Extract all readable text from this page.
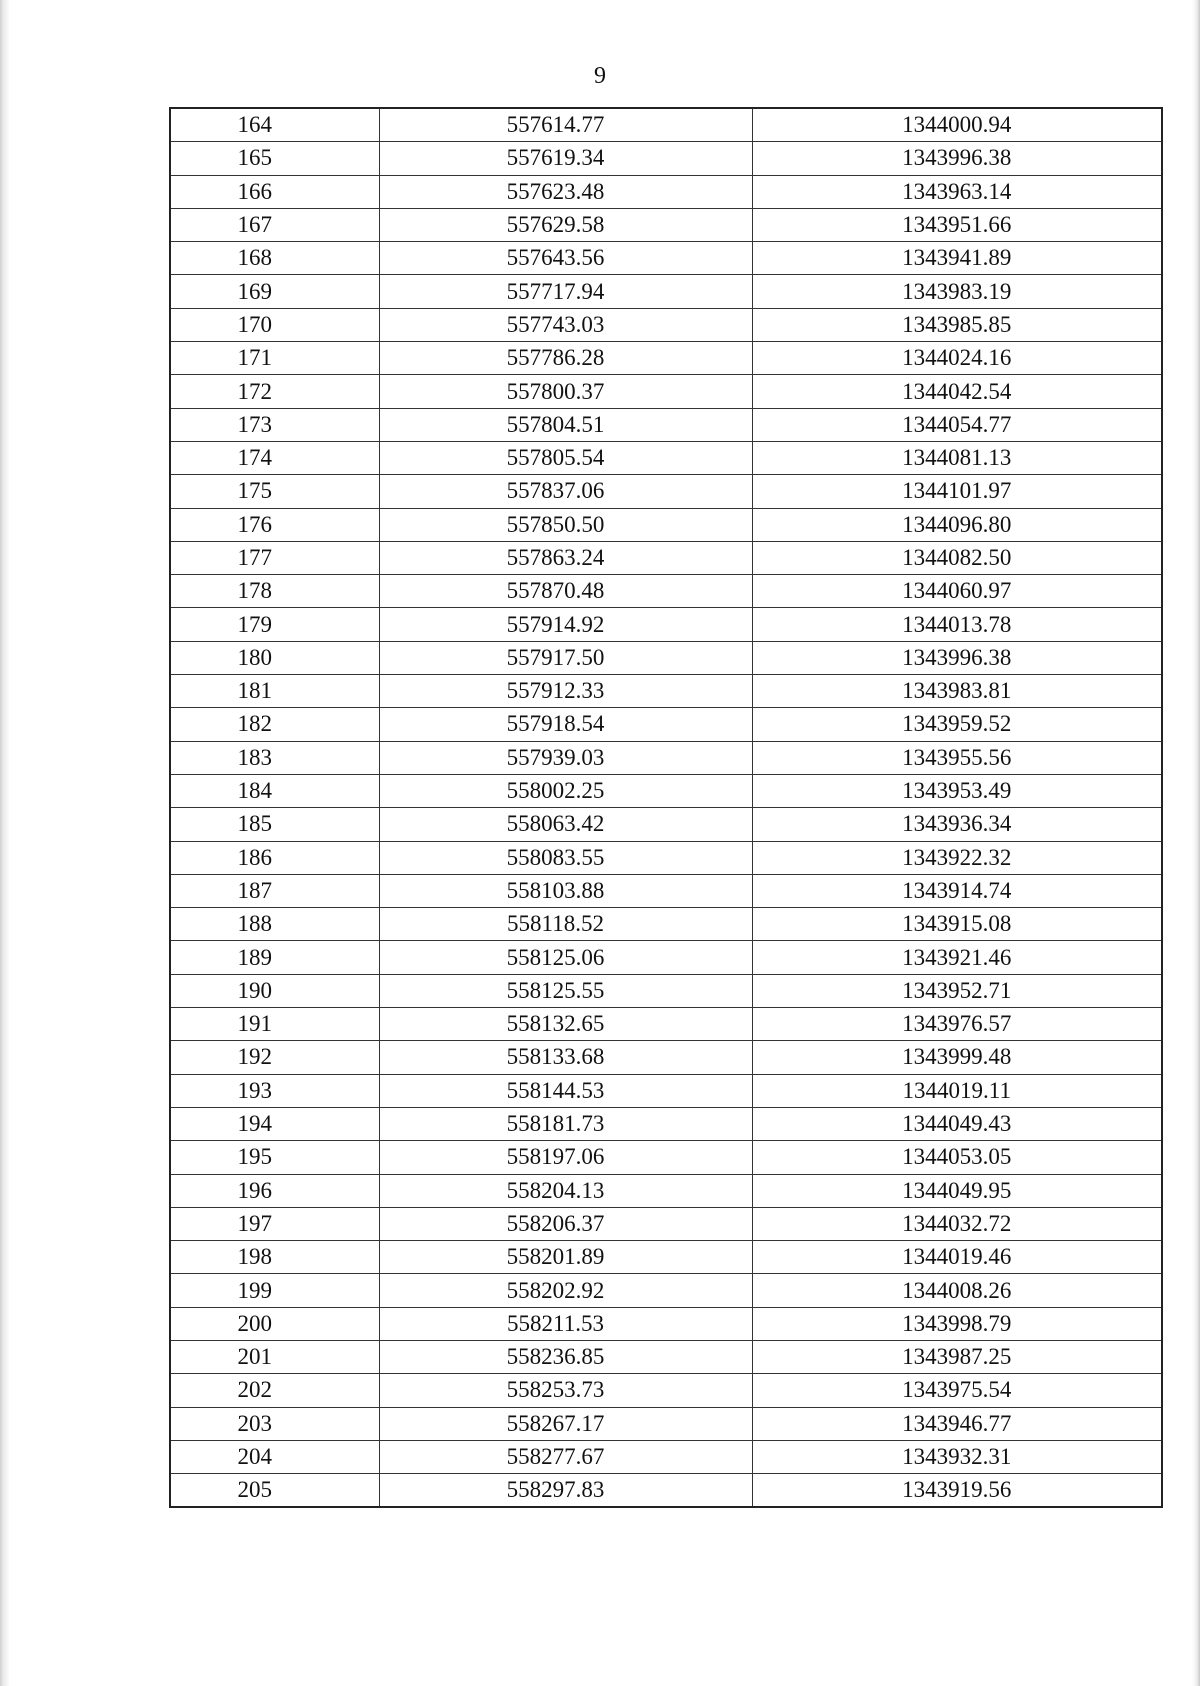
9
164	557614.77	1344000.94
165	557619.34	1343996.38
166	557623.48	1343963.14
167	557629.58	1343951.66
168	557643.56	1343941.89
169	557717.94	1343983.19
170	557743.03	1343985.85
171	557786.28	1344024.16
172	557800.37	1344042.54
173	557804.51	1344054.77
174	557805.54	1344081.13
175	557837.06	1344101.97
176	557850.50	1344096.80
177	557863.24	1344082.50
178	557870.48	1344060.97
179	557914.92	1344013.78
180	557917.50	1343996.38
181	557912.33	1343983.81
182	557918.54	1343959.52
183	557939.03	1343955.56
184	558002.25	1343953.49
185	558063.42	1343936.34
186	558083.55	1343922.32
187	558103.88	1343914.74
188	558118.52	1343915.08
189	558125.06	1343921.46
190	558125.55	1343952.71
191	558132.65	1343976.57
192	558133.68	1343999.48
193	558144.53	1344019.11
194	558181.73	1344049.43
195	558197.06	1344053.05
196	558204.13	1344049.95
197	558206.37	1344032.72
198	558201.89	1344019.46
199	558202.92	1344008.26
200	558211.53	1343998.79
201	558236.85	1343987.25
202	558253.73	1343975.54
203	558267.17	1343946.77
204	558277.67	1343932.31
205	558297.83	1343919.56
